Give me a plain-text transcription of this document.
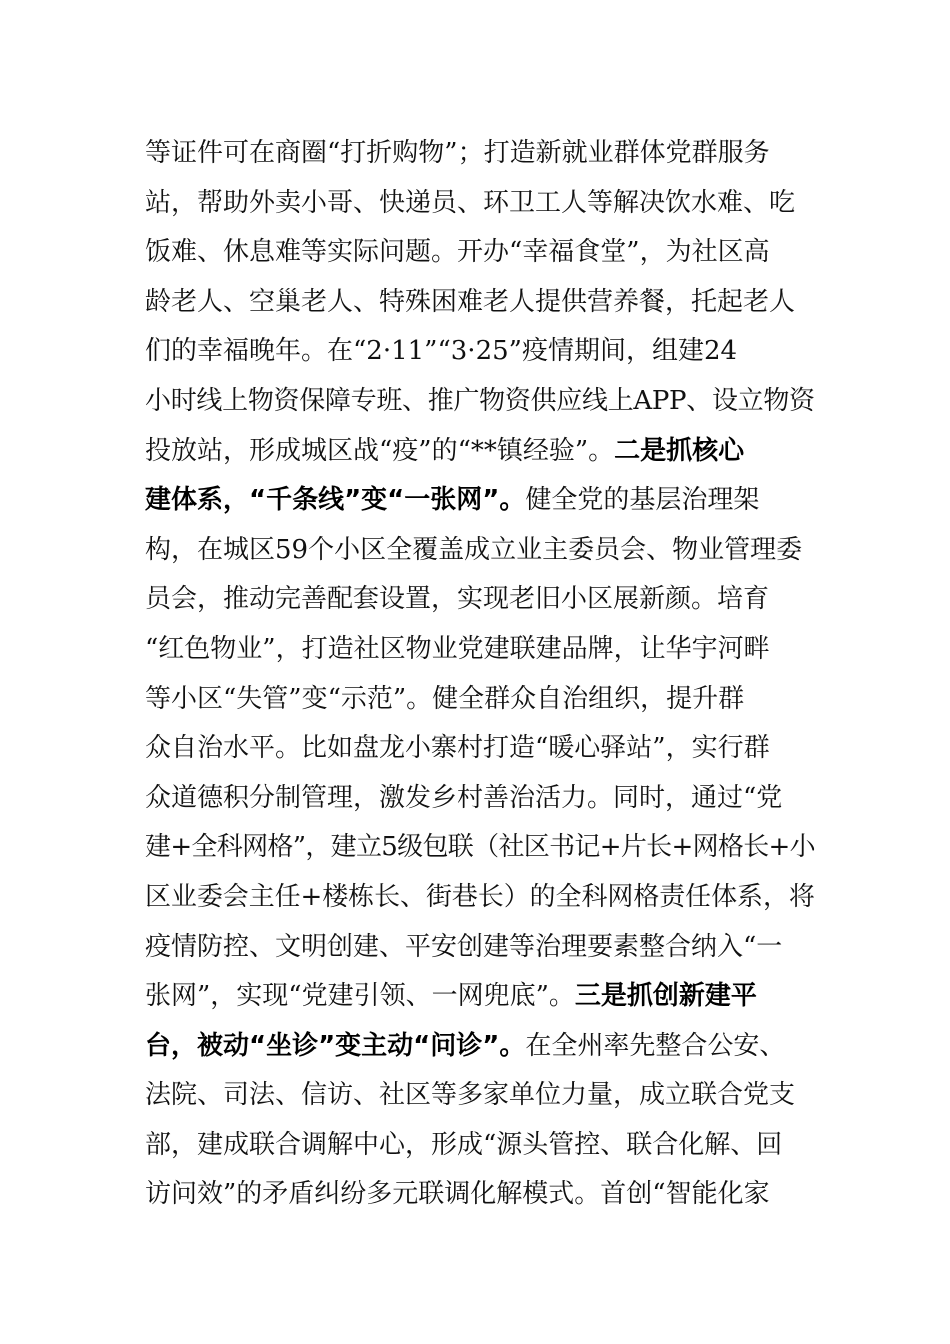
等证件可在商圈“打折购物”；打造新就业群体党群服务
站，帮助外卖小哥、快递员、环卫工人等解决饮水难、吃
饭难、休息难等实际问题。开办“幸福食堂”，为社区高
龄老人、空巢老人、特殊困难老人提供营养餐，托起老人
们的幸福晚年。在“2·11”“3·25”疫情期间，组建24
小时线上物资保障专班、推广物资供应线上APP、设立物资
投放站，形成城区战“疫”的“**镇经验”。二是抓核心
建体系，“千条线”变“一张网”。健全党的基层治理架
构，在城区59个小区全覆盖成立业主委员会、物业管理委
员会，推动完善配套设置，实现老旧小区展新颜。培育
“红色物业”，打造社区物业党建联建品牌，让华宇河畔
等小区“失管”变“示范”。健全群众自治组织，提升群
众自治水平。比如盘龙小寨村打造“暖心驿站”，实行群
众道德积分制管理，激发乡村善治活力。同时，通过“党
建+全科网格”，建立5级包联（社区书记+片长+网格长+小
区业委会主任+楼栋长、街巷长）的全科网格责任体系，将
疫情防控、文明创建、平安创建等治理要素整合纳入“一
张网”，实现“党建引领、一网兜底”。三是抓创新建平
台，被动“坐诊”变主动“问诊”。在全州率先整合公安、
法院、司法、信访、社区等多家单位力量，成立联合党支
部，建成联合调解中心，形成“源头管控、联合化解、回
访问效”的矛盾纠纷多元联调化解模式。首创“智能化家
